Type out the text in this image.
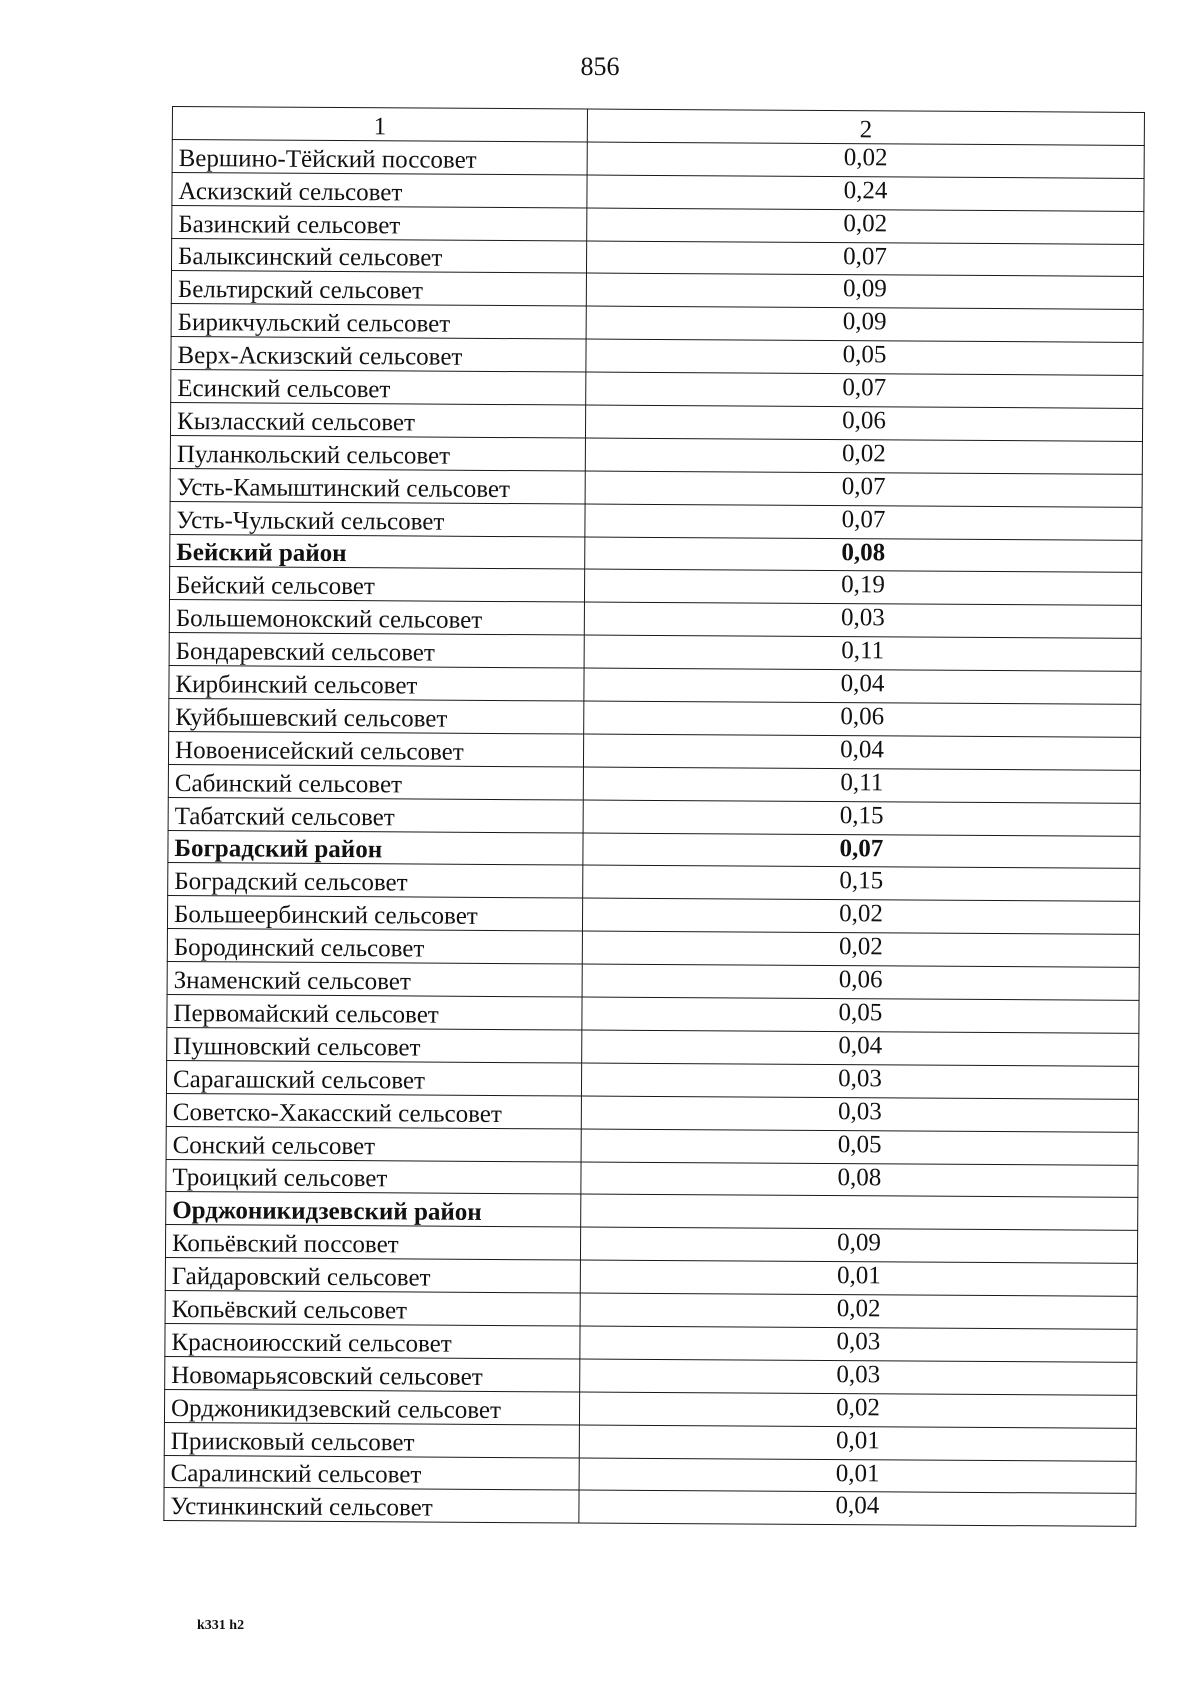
856
1	2
Вершино-Тёйский поссовет	0,02
Аскизский сельсовет	0,24
Базинский сельсовет	0,02
Балыксинский сельсовет	0,07
Бельтирский сельсовет	0,09
Бирикчульский сельсовет	0,09
Верх-Аскизский сельсовет	0,05
Есинский сельсовет	0,07
Кызласский сельсовет	0,06
Пуланкольский сельсовет	0,02
Усть-Камыштинский сельсовет	0,07
Усть-Чульский сельсовет	0,07
Бейский район	0,08
Бейский сельсовет	0,19
Большемонокский сельсовет	0,03
Бондаревский сельсовет	0,11
Кирбинский сельсовет	0,04
Куйбышевский сельсовет	0,06
Новоенисейский сельсовет	0,04
Сабинский сельсовет	0,11
Табатский сельсовет	0,15
Боградский район	0,07
Боградский сельсовет	0,15
Большеербинский сельсовет	0,02
Бородинский сельсовет	0,02
Знаменский сельсовет	0,06
Первомайский сельсовет	0,05
Пушновский сельсовет	0,04
Сарагашский сельсовет	0,03
Советско-Хакасский сельсовет	0,03
Сонский сельсовет	0,05
Троицкий сельсовет	0,08
Орджоникидзевский район	
Копьёвский поссовет	0,09
Гайдаровский сельсовет	0,01
Копьёвский сельсовет	0,02
Красноиюсский сельсовет	0,03
Новомарьясовский сельсовет	0,03
Орджоникидзевский сельсовет	0,02
Приисковый сельсовет	0,01
Саралинский сельсовет	0,01
Устинкинский сельсовет	0,04
k331 h2
